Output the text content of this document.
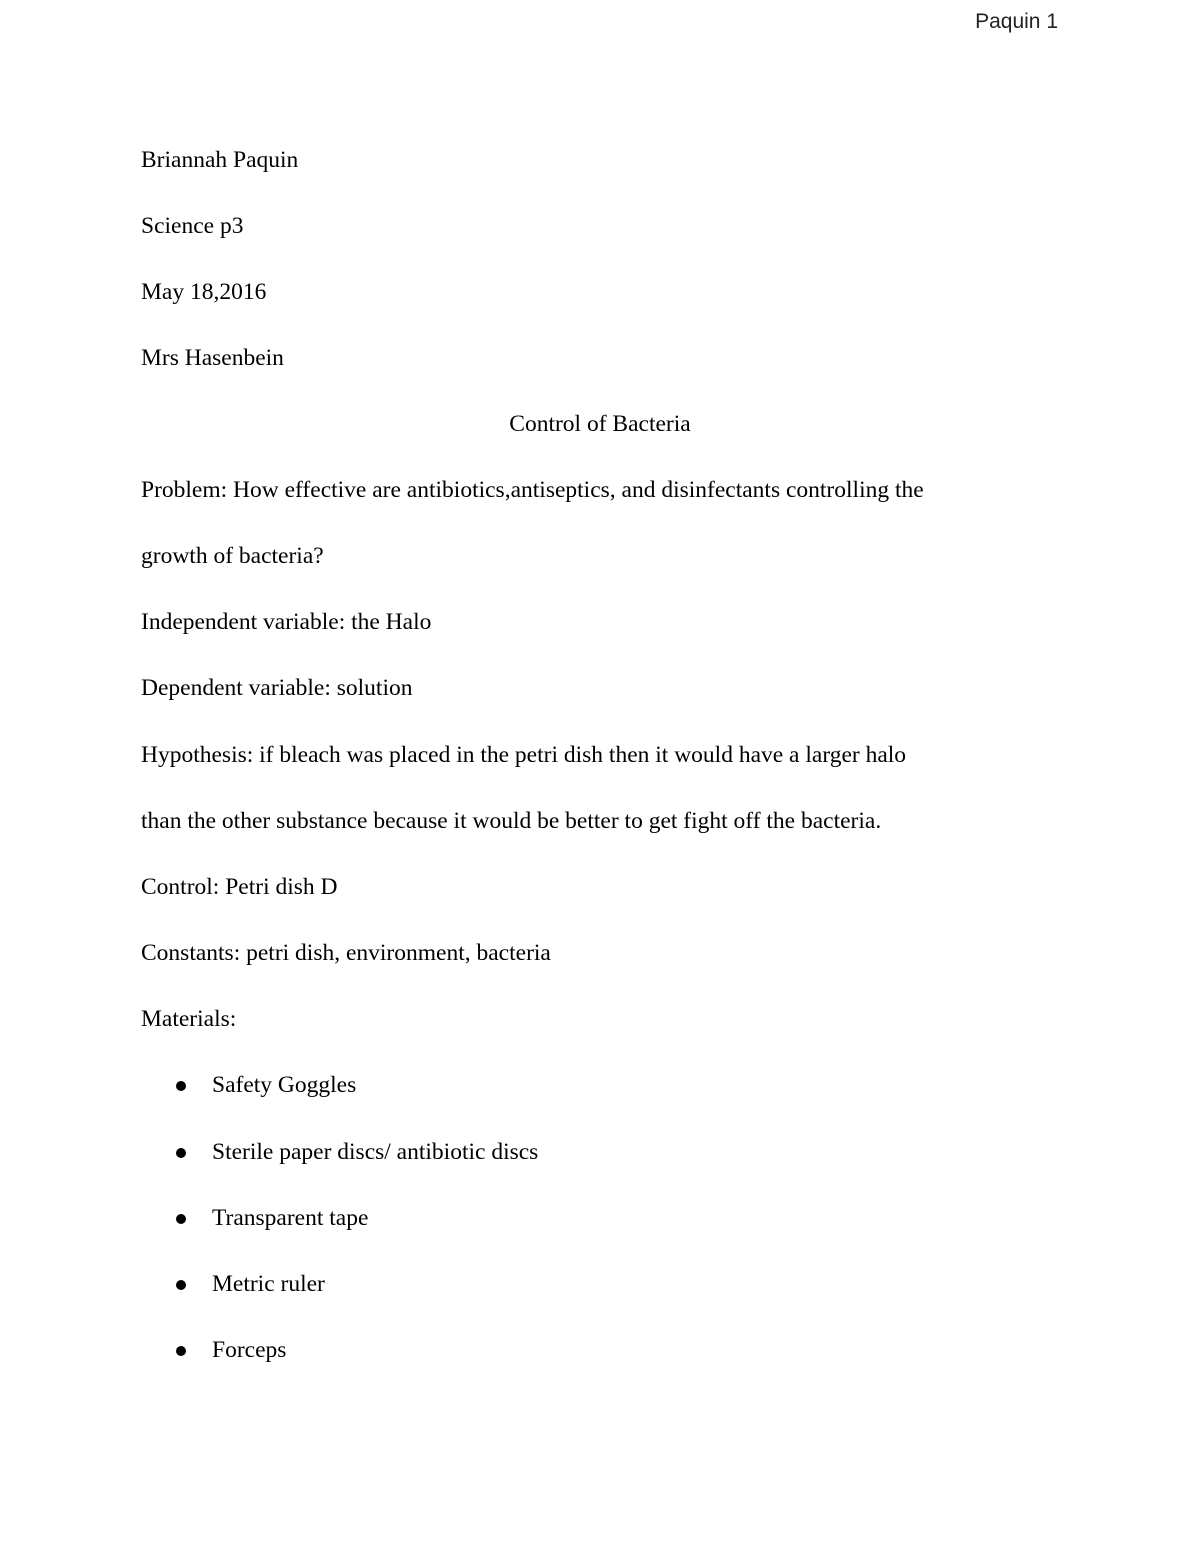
Paquin 1
Briannah Paquin
Science p3
May 18,2016
Mrs Hasenbein
Control of Bacteria
Problem: How effective are antibiotics,antiseptics, and disinfectants controlling the
growth of bacteria?
Independent variable: the Halo
Dependent variable: solution
Hypothesis: if bleach was placed in the petri dish then it would have a larger halo
than the other substance because it would be better to get fight off the bacteria.
Control: Petri dish D
Constants: petri dish, environment, bacteria
Materials:
Safety Goggles
Sterile paper discs/ antibiotic discs
Transparent tape
Metric ruler
Forceps
